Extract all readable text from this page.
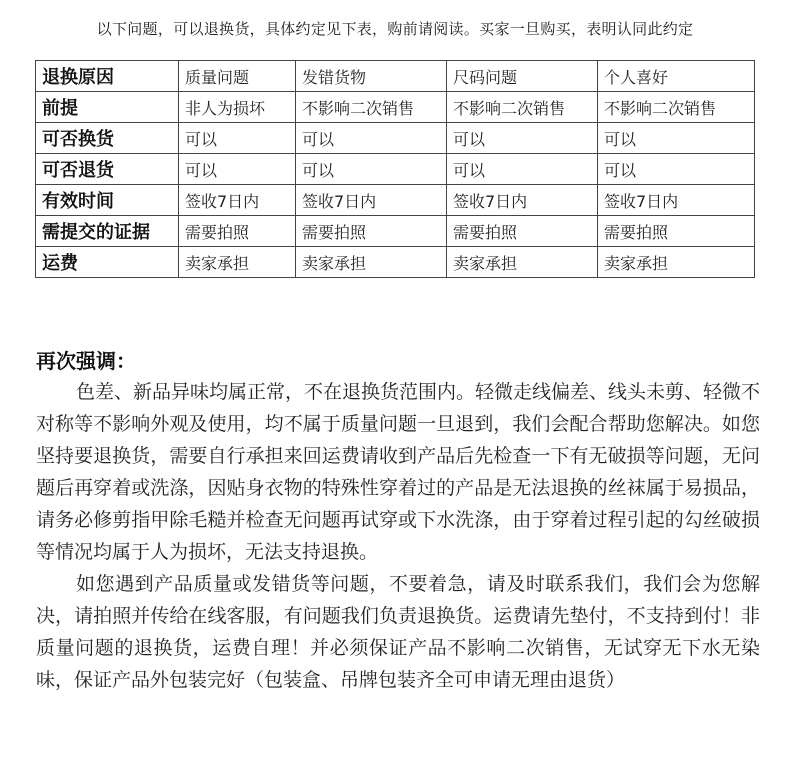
以下问题，可以退换货，具体约定见下表，购前请阅读。买家一旦购买，表明认同此约定
退换原因	质量问题	发错货物	尺码问题	个人喜好
前提	非人为损坏	不影响二次销售	不影响二次销售	不影响二次销售
可否换货	可以	可以	可以	可以
可否退货	可以	可以	可以	可以
有效时间	签收7日内	签收7日内	签收7日内	签收7日内
需提交的证据	需要拍照	需要拍照	需要拍照	需要拍照
运费	卖家承担	卖家承担	卖家承担	卖家承担
再次强调：

色差、新品异味均属正常，不在退换货范围内。轻微走线偏差、线头未剪、轻微不对称等不影响外观及使用，均不属于质量问题一旦退到，我们会配合帮助您解决。如您坚持要退换货，需要自行承担来回运费请收到产品后先检查一下有无破损等问题，无问题后再穿着或洗涤，因贴身衣物的特殊性穿着过的产品是无法退换的丝袜属于易损品，请务必修剪指甲除毛糙并检查无问题再试穿或下水洗涤，由于穿着过程引起的勾丝破损等情况均属于人为损坏，无法支持退换。

如您遇到产品质量或发错货等问题，不要着急，请及时联系我们，我们会为您解决，请拍照并传给在线客服，有问题我们负责退换货。运费请先垫付，不支持到付！非质量问题的退换货，运费自理！并必须保证产品不影响二次销售，无试穿无下水无染味，保证产品外包装完好（包装盒、吊牌包装齐全可申请无理由退货）
